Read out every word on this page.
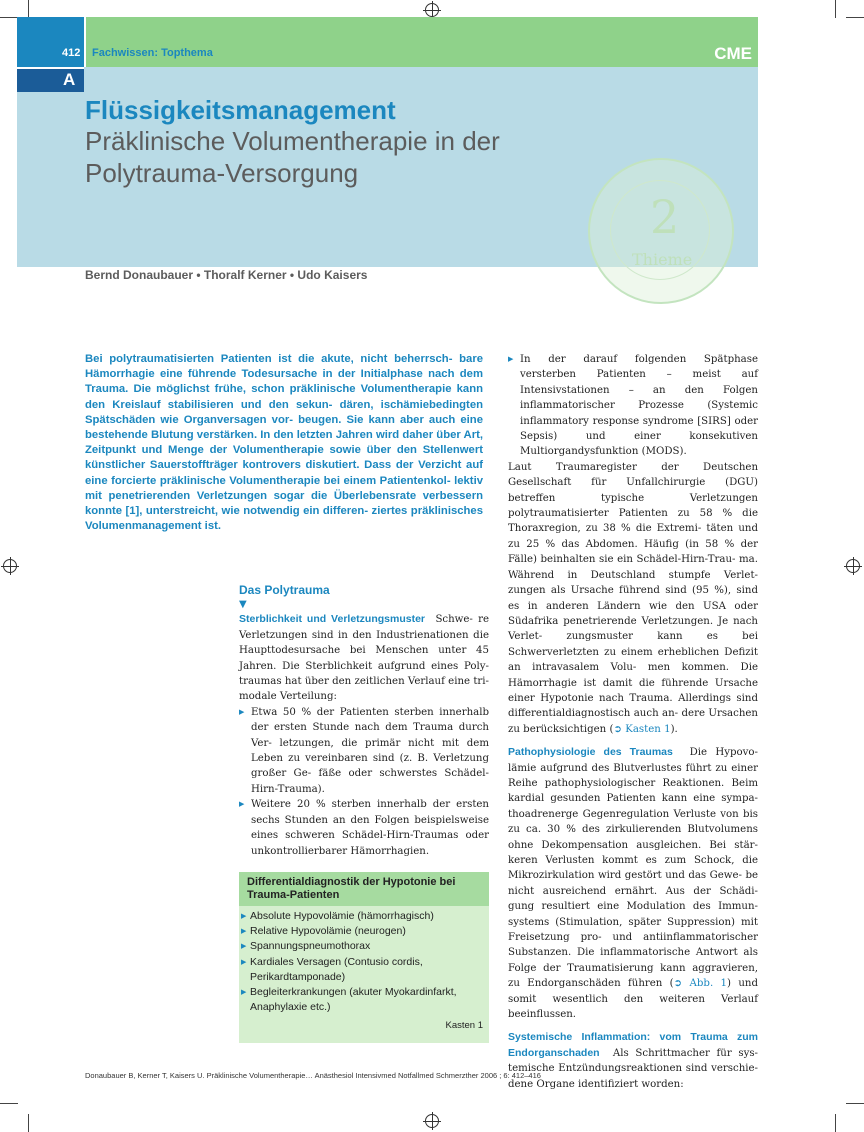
412 Fachwissen: Topthema	CME
A
Flüssigkeitsmanagement
Präklinische Volumentherapie in der Polytrauma-Versorgung
2
Thieme
Bernd Donaubauer • Thoralf Kerner • Udo Kaisers

Bei polytraumatisierten Patienten ist die akute, nicht beherrsch- bare Hämorrhagie eine führende Todesursache in der Initialphase nach dem Trauma. Die möglichst frühe, schon präklinische Volumentherapie kann den Kreislauf stabilisieren und den sekun- dären, ischämiebedingten Spätschäden wie Organversagen vor- beugen. Sie kann aber auch eine bestehende Blutung verstärken. In den letzten Jahren wird daher über Art, Zeitpunkt und Menge der Volumentherapie sowie über den Stellenwert künstlicher Sauerstoffträger kontrovers diskutiert. Dass der Verzicht auf eine forcierte präklinische Volumentherapie bei einem Patientenkol- lektiv mit penetrierenden Verletzungen sogar die Überlebensrate verbessern konnte [1], unterstreicht, wie notwendig ein differen- ziertes präklinisches Volumenmanagement ist.

Das Polytrauma
▼

Sterblichkeit und Verletzungsmuster Schwe- re Verletzungen sind in den Industrienationen die Haupttodesursache bei Menschen unter 45 Jahren. Die Sterblichkeit aufgrund eines Poly- traumas hat über den zeitlichen Verlauf eine tri- modale Verteilung:

▶ Etwa 50 % der Patienten sterben innerhalb der ersten Stunde nach dem Trauma durch Ver- letzungen, die primär nicht mit dem Leben zu vereinbaren sind (z. B. Verletzung großer Ge- fäße oder schwerstes Schädel-Hirn-Trauma).
▶ Weitere 20 % sterben innerhalb der ersten sechs Stunden an den Folgen beispielsweise eines schweren Schädel-Hirn-Traumas oder unkontrollierbarer Hämorrhagien.
Differentialdiagnostik der Hypotonie bei Trauma-Patienten
▶ Absolute Hypovolämie (hämorrhagisch)
▶ Relative Hypovolämie (neurogen)
▶ Spannungspneumothorax
▶ Kardiales Versagen (Contusio cordis, Perikardtamponade)
▶ Begleiterkrankungen (akuter Myokardinfarkt, Anaphylaxie etc.)
Kasten 1
▶ In der darauf folgenden Spätphase versterben Patienten – meist auf Intensivstationen – an den Folgen inflammatorischer Prozesse (Systemic inflammatory response syndrome [SIRS] oder Sepsis) und einer konsekutiven Multiorgandysfunktion (MODS).

Laut Traumaregister der Deutschen Gesellschaft für Unfallchirurgie (DGU) betreffen typische Verletzungen polytraumatisierter Patienten zu 58 % die Thoraxregion, zu 38 % die Extremi- täten und zu 25 % das Abdomen. Häufig (in 58 % der Fälle) beinhalten sie ein Schädel-Hirn-Trau- ma. Während in Deutschland stumpfe Verlet- zungen als Ursache führend sind (95 %), sind es in anderen Ländern wie den USA oder Südafrika penetrierende Verletzungen. Je nach Verlet- zungsmuster kann es bei Schwerverletzten zu einem erheblichen Defizit an intravasalem Volu- men kommen. Die Hämorrhagie ist damit die führende Ursache einer Hypotonie nach Trauma. Allerdings sind differentialdiagnostisch auch an- dere Ursachen zu berücksichtigen (➲ Kasten 1).

Pathophysiologie des Traumas Die Hypovo- lämie aufgrund des Blutverlustes führt zu einer Reihe pathophysiologischer Reaktionen. Beim kardial gesunden Patienten kann eine sympa- thoadrenerge Gegenregulation Verluste von bis zu ca. 30 % des zirkulierenden Blutvolumens ohne Dekompensation ausgleichen. Bei stär- keren Verlusten kommt es zum Schock, die Mikrozirkulation wird gestört und das Gewe- be nicht ausreichend ernährt. Aus der Schädi- gung resultiert eine Modulation des Immun- systems (Stimulation, später Suppression) mit Freisetzung pro- und antiinflammatorischer Substanzen. Die inflammatorische Antwort als Folge der Traumatisierung kann aggravieren, zu Endorganschäden führen (➲ Abb. 1) und somit wesentlich den weiteren Verlauf beeinflussen.

Systemische Inflammation: vom Trauma zum Endorganschaden Als Schrittmacher für sys- temische Entzündungsreaktionen sind verschie- dene Organe identifiziert worden:

Donaubauer B, Kerner T, Kaisers U. Präklinische Volumentherapie… Anästhesiol Intensivmed Notfallmed Schmerzther 2006 ; 6: 412–416
